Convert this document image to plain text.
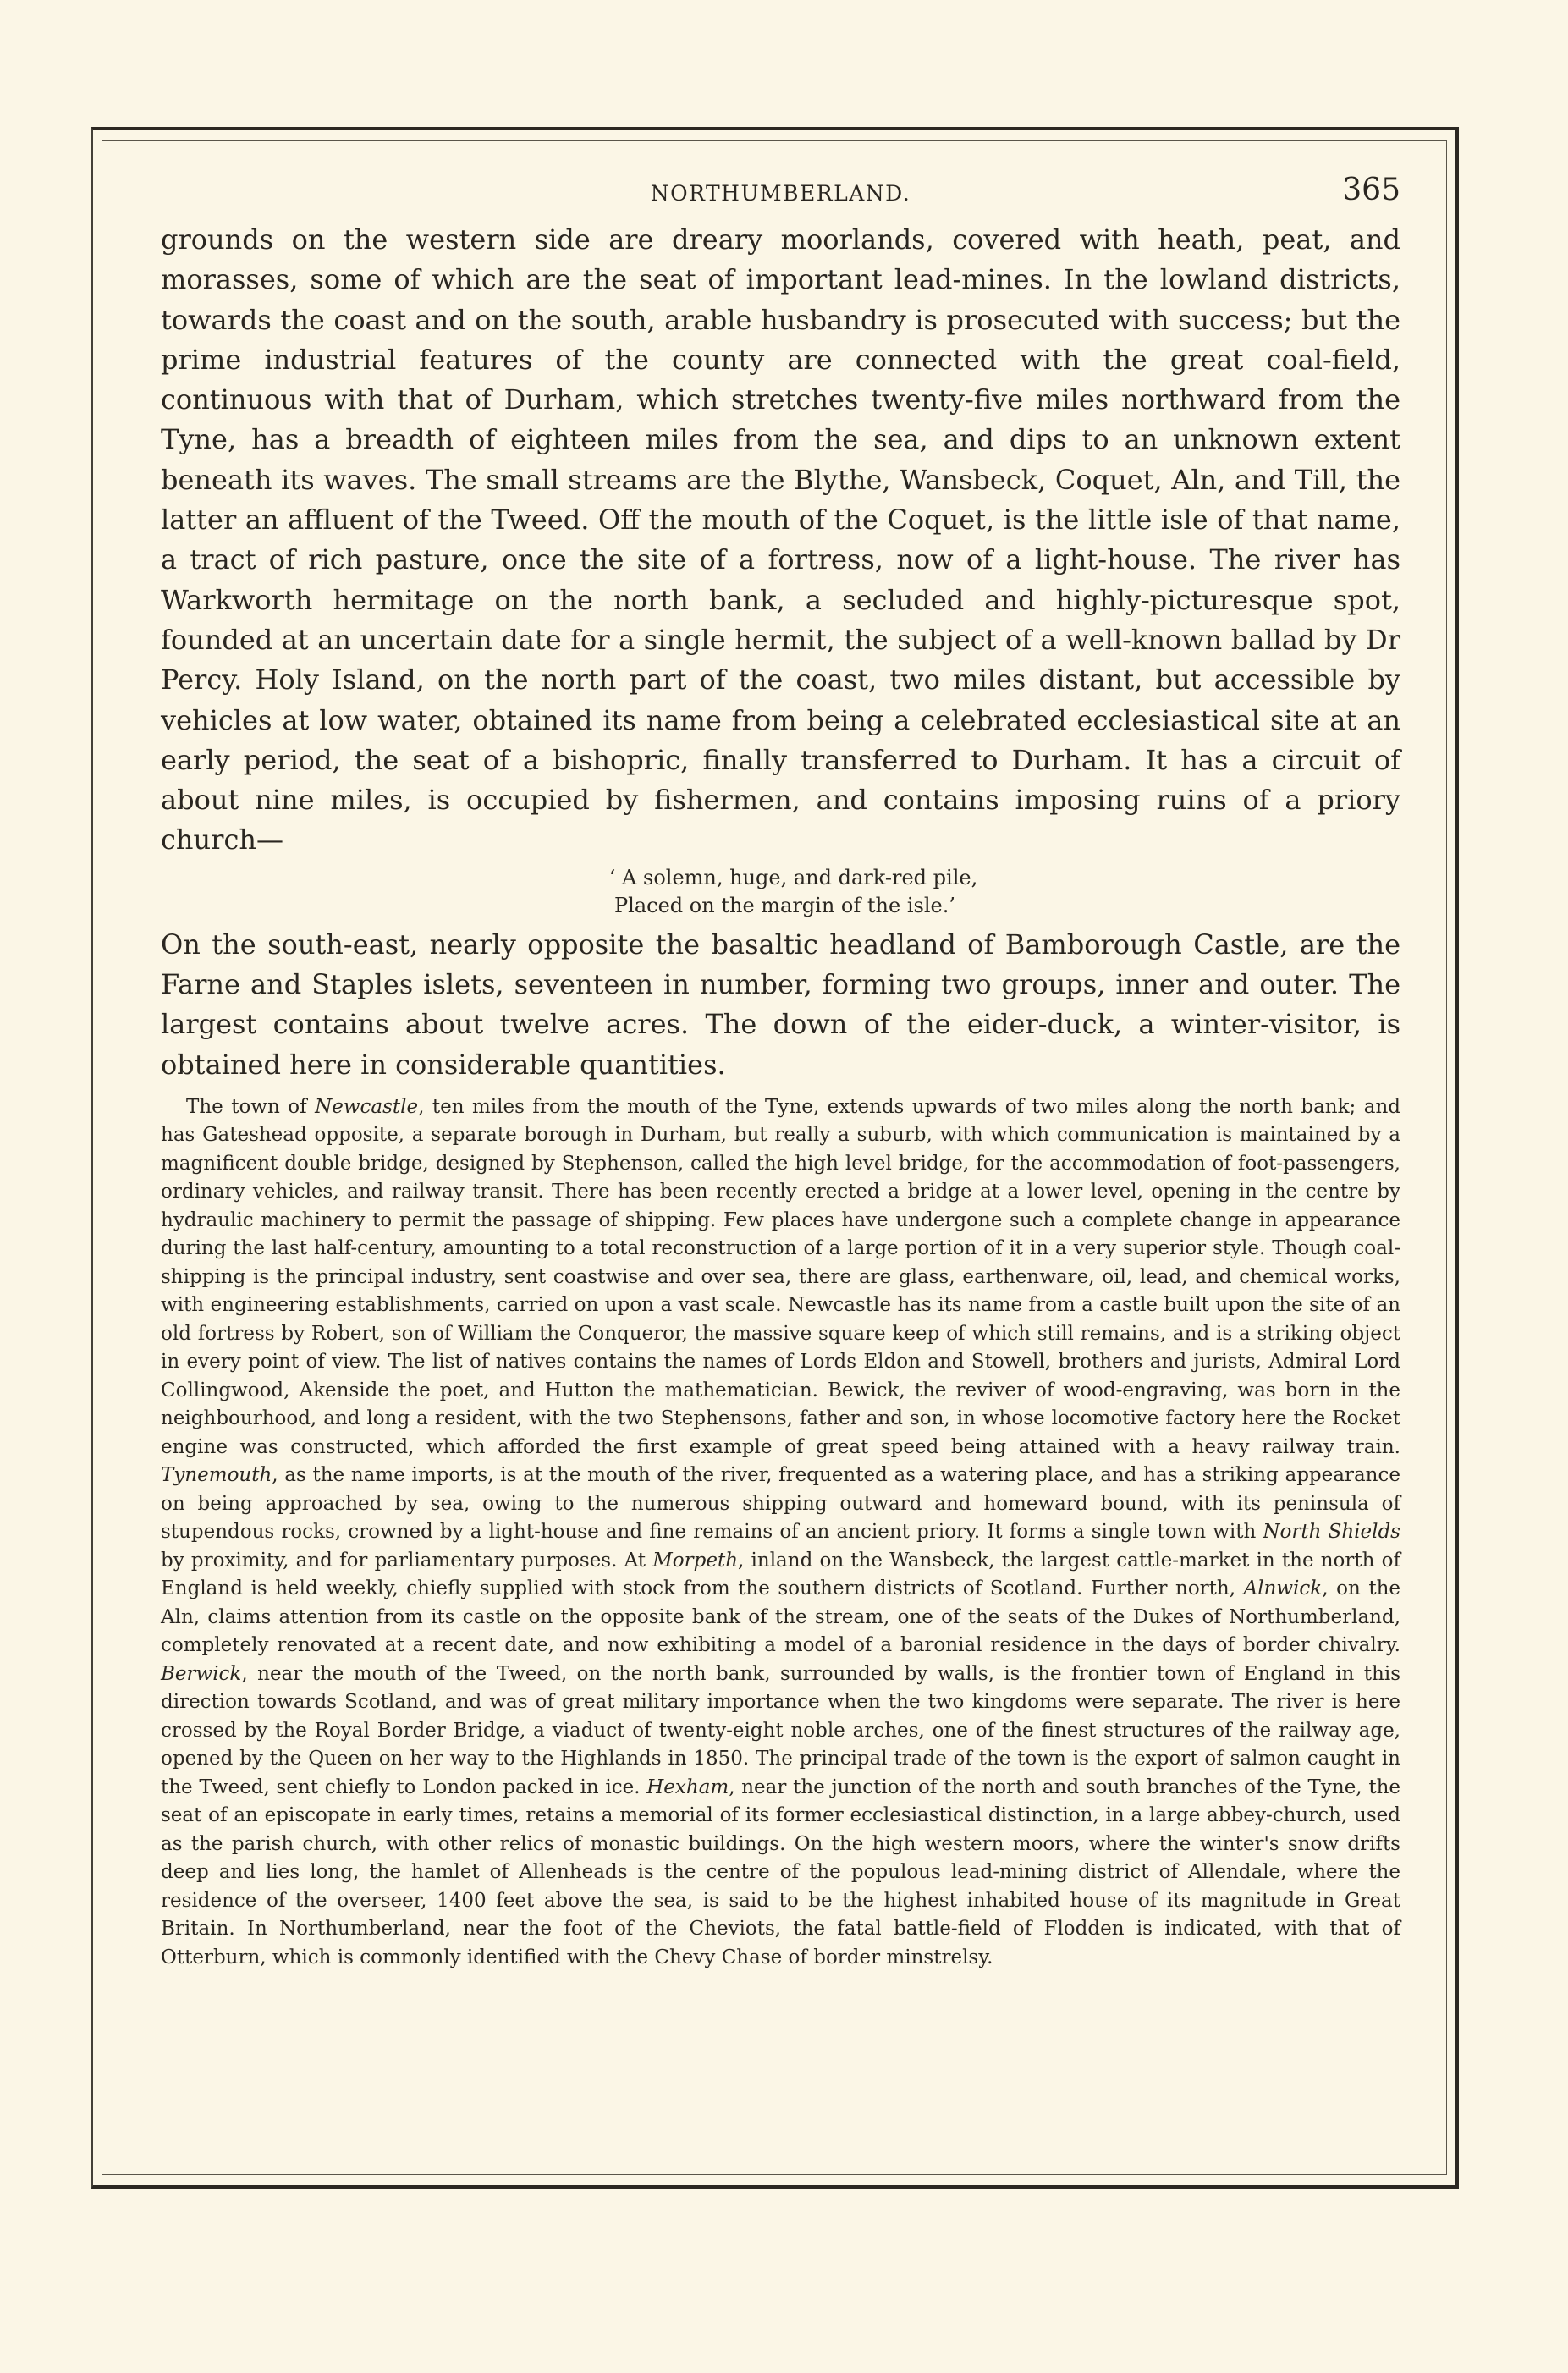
NORTHUMBERLAND.	365

grounds on the western side are dreary moorlands, covered with heath, peat, and morasses, some of which are the seat of important lead-mines. In the lowland districts, towards the coast and on the south, arable husbandry is prosecuted with success; but the prime industrial features of the county are connected with the great coal-field, continuous with that of Durham, which stretches twenty-five miles northward from the Tyne, has a breadth of eighteen miles from the sea, and dips to an unknown extent beneath its waves. The small streams are the Blythe, Wansbeck, Coquet, Aln, and Till, the latter an affluent of the Tweed. Off the mouth of the Coquet, is the little isle of that name, a tract of rich pasture, once the site of a fortress, now of a light-house. The river has Warkworth hermitage on the north bank, a secluded and highly-picturesque spot, founded at an uncertain date for a single hermit, the subject of a well-known ballad by Dr Percy. Holy Island, on the north part of the coast, two miles distant, but accessible by vehicles at low water, obtained its name from being a celebrated ecclesiastical site at an early period, the seat of a bishopric, finally transferred to Durham. It has a circuit of about nine miles, is occupied by fishermen, and contains imposing ruins of a priory church—

‘ A solemn, huge, and dark-red pile,
Placed on the margin of the isle.’

On the south-east, nearly opposite the basaltic headland of Bamborough Castle, are the Farne and Staples islets, seventeen in number, forming two groups, inner and outer. The largest contains about twelve acres. The down of the eider-duck, a winter-visitor, is obtained here in considerable quantities.

The town of Newcastle, ten miles from the mouth of the Tyne, extends upwards of two miles along the north bank; and has Gateshead opposite, a separate borough in Durham, but really a suburb, with which communication is maintained by a magnificent double bridge, designed by Stephenson, called the high level bridge, for the accommodation of foot-passengers, ordinary vehicles, and railway transit. There has been recently erected a bridge at a lower level, opening in the centre by hydraulic machinery to permit the passage of shipping. Few places have undergone such a complete change in appearance during the last half-century, amounting to a total reconstruction of a large portion of it in a very superior style. Though coal-shipping is the principal industry, sent coastwise and over sea, there are glass, earthenware, oil, lead, and chemical works, with engineering establishments, carried on upon a vast scale. Newcastle has its name from a castle built upon the site of an old fortress by Robert, son of William the Conqueror, the massive square keep of which still remains, and is a striking object in every point of view. The list of natives contains the names of Lords Eldon and Stowell, brothers and jurists, Admiral Lord Collingwood, Akenside the poet, and Hutton the mathematician. Bewick, the reviver of wood-engraving, was born in the neighbourhood, and long a resident, with the two Stephensons, father and son, in whose locomotive factory here the Rocket engine was constructed, which afforded the first example of great speed being attained with a heavy railway train. Tynemouth, as the name imports, is at the mouth of the river, frequented as a watering place, and has a striking appearance on being approached by sea, owing to the numerous shipping outward and homeward bound, with its peninsula of stupendous rocks, crowned by a light-house and fine remains of an ancient priory. It forms a single town with North Shields by proximity, and for parliamentary purposes. At Morpeth, inland on the Wansbeck, the largest cattle-market in the north of England is held weekly, chiefly supplied with stock from the southern districts of Scotland. Further north, Alnwick, on the Aln, claims attention from its castle on the opposite bank of the stream, one of the seats of the Dukes of Northumberland, completely renovated at a recent date, and now exhibiting a model of a baronial residence in the days of border chivalry. Berwick, near the mouth of the Tweed, on the north bank, surrounded by walls, is the frontier town of England in this direction towards Scotland, and was of great military importance when the two kingdoms were separate. The river is here crossed by the Royal Border Bridge, a viaduct of twenty-eight noble arches, one of the finest structures of the railway age, opened by the Queen on her way to the Highlands in 1850. The principal trade of the town is the export of salmon caught in the Tweed, sent chiefly to London packed in ice. Hexham, near the junction of the north and south branches of the Tyne, the seat of an episcopate in early times, retains a memorial of its former ecclesiastical distinction, in a large abbey-church, used as the parish church, with other relics of monastic buildings. On the high western moors, where the winter's snow drifts deep and lies long, the hamlet of Allenheads is the centre of the populous lead-mining district of Allendale, where the residence of the overseer, 1400 feet above the sea, is said to be the highest inhabited house of its magnitude in Great Britain. In Northumberland, near the foot of the Cheviots, the fatal battle-field of Flodden is indicated, with that of Otterburn, which is commonly identified with the Chevy Chase of border minstrelsy.
